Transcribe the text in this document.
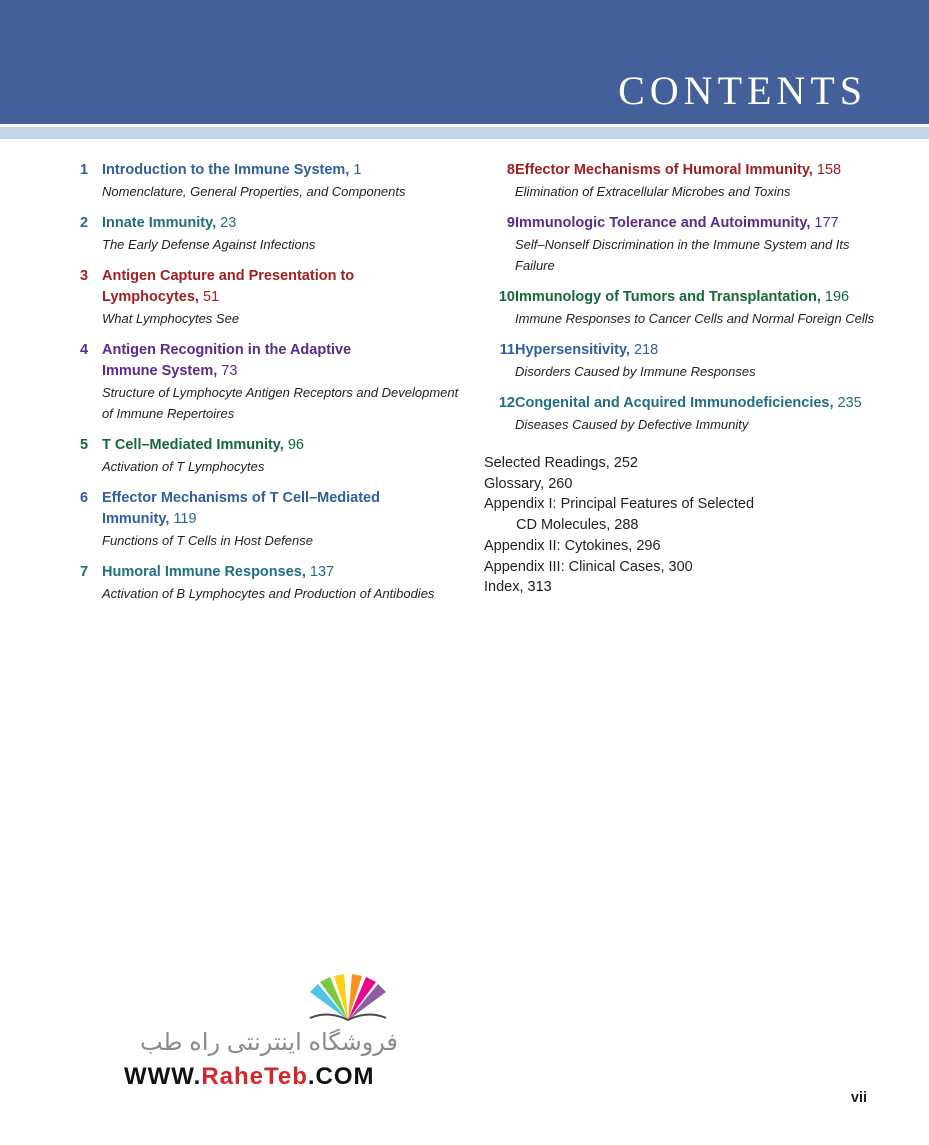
CONTENTS
1 Introduction to the Immune System, 1
Nomenclature, General Properties, and Components
2 Innate Immunity, 23
The Early Defense Against Infections
3 Antigen Capture and Presentation to
Lymphocytes, 51
What Lymphocytes See
4 Antigen Recognition in the Adaptive
Immune System, 73
Structure of Lymphocyte Antigen Receptors and Development
of Immune Repertoires
5 T Cell–Mediated Immunity, 96
Activation of T Lymphocytes
6 Effector Mechanisms of T Cell–Mediated
Immunity, 119
Functions of T Cells in Host Defense
7 Humoral Immune Responses, 137
Activation of B Lymphocytes and Production of Antibodies
8 Effector Mechanisms of Humoral Immunity, 158
Elimination of Extracellular Microbes and Toxins
9 Immunologic Tolerance and Autoimmunity, 177
Self–Nonself Discrimination in the Immune System and Its
Failure
10 Immunology of Tumors and Transplantation, 196
Immune Responses to Cancer Cells and Normal Foreign Cells
11 Hypersensitivity, 218
Disorders Caused by Immune Responses
12 Congenital and Acquired Immunodeficiencies, 235
Diseases Caused by Defective Immunity
Selected Readings, 252
Glossary, 260
Appendix I: Principal Features of Selected
CD Molecules, 288
Appendix II: Cytokines, 296
Appendix III: Clinical Cases, 300
Index, 313
فروشگاه اینترنتی راه طب
WWW.RaheTeb.COM
vii
